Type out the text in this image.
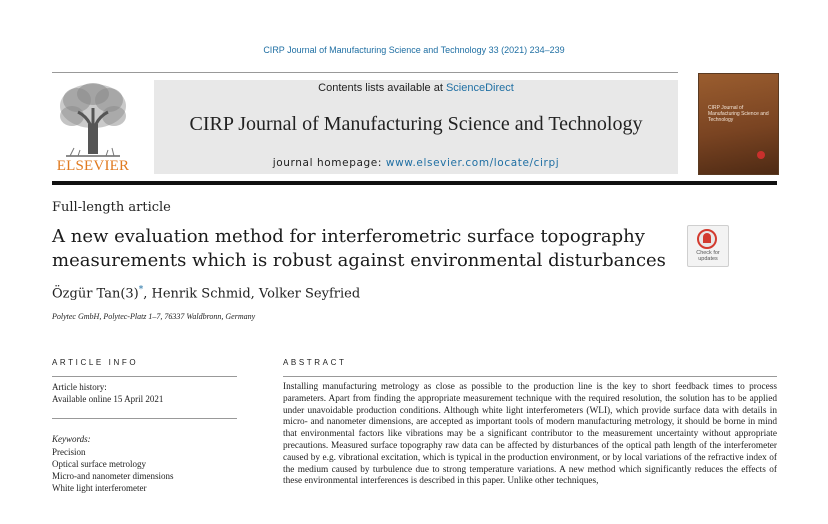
CIRP Journal of Manufacturing Science and Technology 33 (2021) 234–239
ELSEVIER
Contents lists available at ScienceDirect
CIRP Journal of Manufacturing Science and Technology
journal homepage: www.elsevier.com/locate/cirpj
CIRP Journal of Manufacturing Science and Technology
Full-length article
A new evaluation method for interferometric surface topography measurements which is robust against environmental disturbances	Check for updates
Özgür Tan(3)*, Henrik Schmid, Volker Seyfried
Polytec GmbH, Polytec-Platz 1–7, 76337 Waldbronn, Germany
ARTICLE INFO	ABSTRACT
Article history:
Available online 15 April 2021
Keywords:
Precision
Optical surface metrology
Micro-and nanometer dimensions
White light interferometer
Installing manufacturing metrology as close as possible to the production line is the key to short feedback times to process parameters. Apart from finding the appropriate measurement technique with the required resolution, the solution has to be applied under unavoidable production conditions. Although white light interferometers (WLI), which provide surface data with details in micro- and nanometer dimensions, are accepted as important tools of modern manufacturing metrology, it should be borne in mind that environmental factors like vibrations may be a significant contributor to the measurement uncertainty without appropriate precautions. Measured surface topography raw data can be affected by disturbances of the optical path length of the interferometer caused by e.g. vibrational excitation, which is typical in the production environment, or by local variations of the refractive index of the medium caused by turbulence due to strong temperature variations. A new method which significantly reduces the effects of these environmental interferences is described in this paper. Unlike other techniques,
